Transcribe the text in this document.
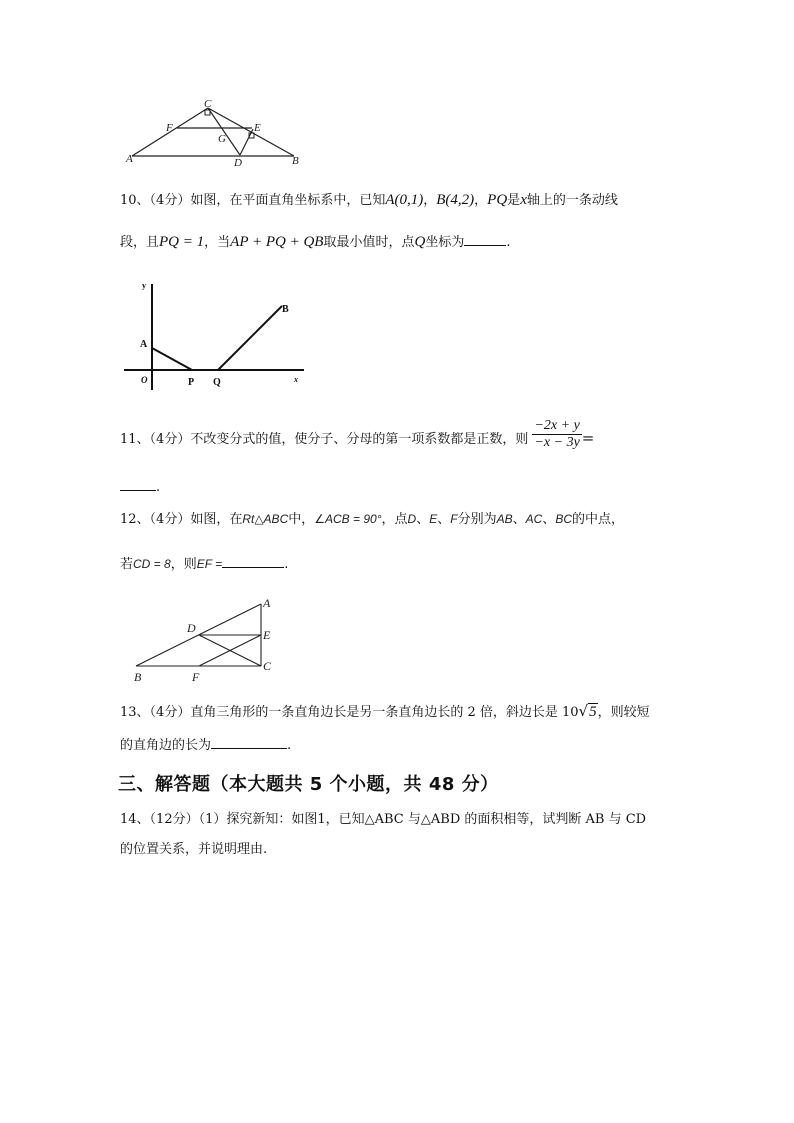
C
F	E
G
A	D	B
10、（4分）如图，在平面直角坐标系中，已知A(0,1)，B(4,2)，PQ是x轴上的一条动线
段，且PQ = 1，当AP + PQ + QB取最小值时，点Q坐标为	.
y
B
A
O	P Q	x
11、（4分）不改变分式的值，使分子、分母的第一项系数都是正数，则 $\frac{-2x + y}{-x - 3y}$ =
.
12、（4分）如图，在Rt△ABC中，∠ACB = 90°，点D、E、F分别为AB、AC、BC的中点，
若CD = 8，则EF =	.
A
D	E
B	F
C
13、（4分）直角三角形的一条直角边长是另一条直角边长的 2 倍，斜边长是 10√5，则较短
的直角边的长为	.
三、解答题（本大题共 5 个小题，共 48 分）
14、（12分）（1）探究新知：如图1，已知△ABC 与△ABD 的面积相等，试判断 AB 与 CD
的位置关系，并说明理由.
